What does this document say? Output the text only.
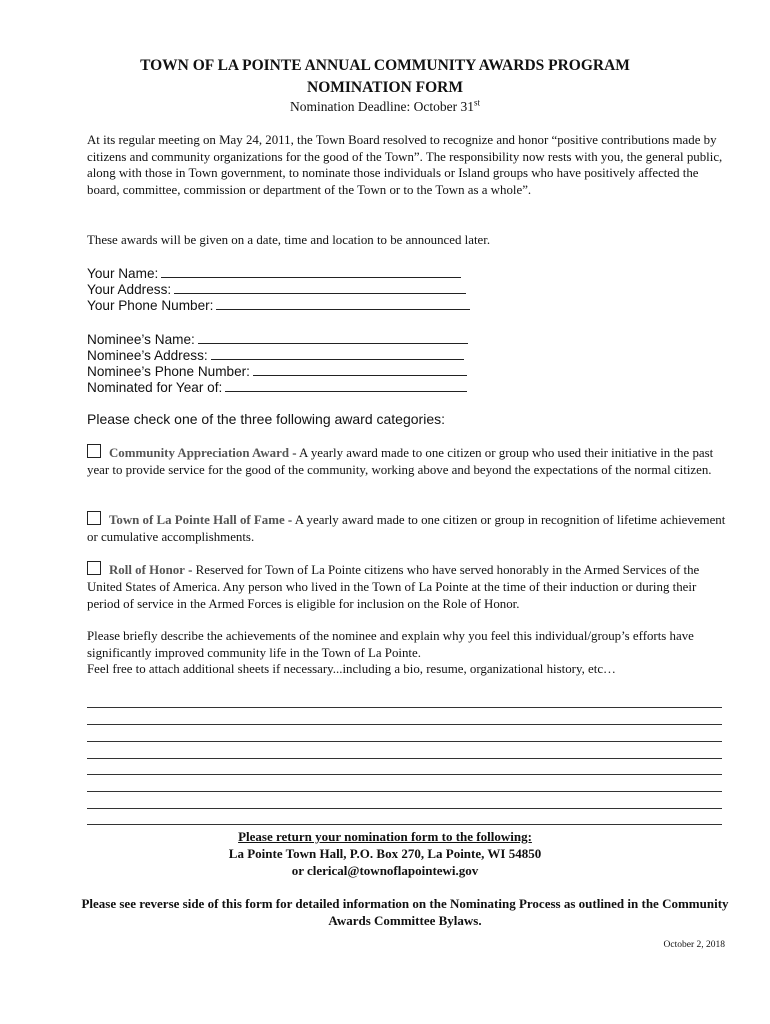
TOWN OF LA POINTE ANNUAL COMMUNITY AWARDS PROGRAM
NOMINATION FORM
Nomination Deadline: October 31st
At its regular meeting on May 24, 2011, the Town Board resolved to recognize and honor “positive contributions made by citizens and community organizations for the good of the Town”. The responsibility now rests with you, the general public, along with those in Town government, to nominate those individuals or Island groups who have positively affected the board, committee, commission or department of the Town or to the Town as a whole”.
These awards will be given on a date, time and location to be announced later.
Your Name:
Your Address:
Your Phone Number:
Nominee’s Name:
Nominee’s Address:
Nominee’s Phone Number:
Nominated for Year of:
Please check one of the three following award categories:
Community Appreciation Award - A yearly award made to one citizen or group who used their initiative in the past year to provide service for the good of the community, working above and beyond the expectations of the normal citizen.
Town of La Pointe Hall of Fame - A yearly award made to one citizen or group in recognition of lifetime achievement or cumulative accomplishments.
Roll of Honor - Reserved for Town of La Pointe citizens who have served honorably in the Armed Services of the United States of America. Any person who lived in the Town of La Pointe at the time of their induction or during their period of service in the Armed Forces is eligible for inclusion on the Role of Honor.
Please briefly describe the achievements of the nominee and explain why you feel this individual/group’s efforts have significantly improved community life in the Town of La Pointe.
Feel free to attach additional sheets if necessary...including a bio, resume, organizational history, etc…
Please return your nomination form to the following:
La Pointe Town Hall, P.O. Box 270, La Pointe, WI 54850
or clerical@townoflapointewi.gov
Please see reverse side of this form for detailed information on the Nominating Process as outlined in the Community Awards Committee Bylaws.
October 2, 2018
